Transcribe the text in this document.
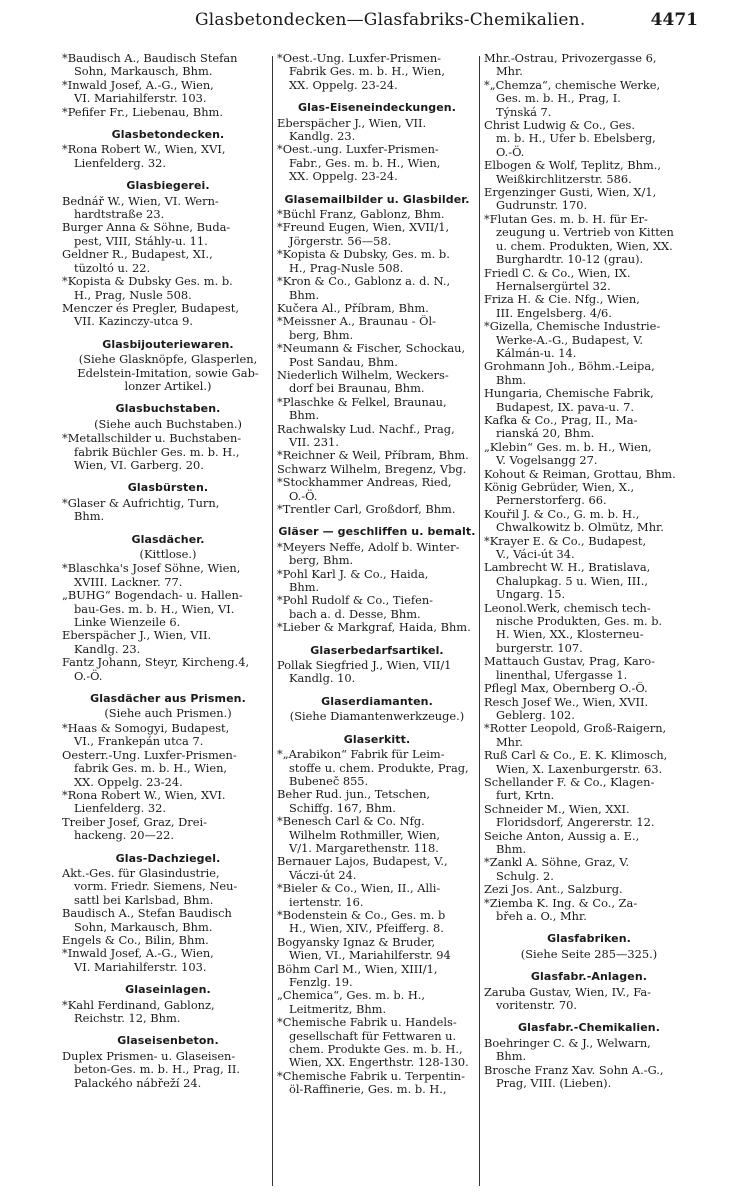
Glasbetondecken—Glasfabriks-Chemikalien.	4471
*Baudisch A., Baudisch Stefan
Sohn, Markausch, Bhm.
*Inwald Josef, A.-G., Wien,
VI. Mariahilferstr. 103.
*Pefifer Fr., Liebenau, Bhm.
Glasbetondecken.
*Rona Robert W., Wien, XVI,
Lienfelderg. 32.
Glasbiegerei.
Bednář W., Wien, VI. Wern-
hardtstraße 23.
Burger Anna & Söhne, Buda-
pest, VIII, Stáhly-u. 11.
Geldner R., Budapest, XI.,
tüzoltó u. 22.
*Kopista & Dubsky Ges. m. b.
H., Prag, Nusle 508.
Menczer és Pregler, Budapest,
VII. Kazinczy-utca 9.
Glasbijouteriewaren.
(Siehe Glasknöpfe, Glasperlen,
Edelstein-Imitation, sowie Gab-
lonzer Artikel.)
Glasbuchstaben.
(Siehe auch Buchstaben.)
*Metallschilder u. Buchstaben-
fabrik Büchler Ges. m. b. H.,
Wien, VI. Garberg. 20.
Glasbürsten.
*Glaser & Aufrichtig, Turn,
Bhm.
Glasdächer.
(Kittlose.)
*Blaschka's Josef Söhne, Wien,
XVIII. Lackner. 77.
„BUHG“ Bogendach- u. Hallen-
bau-Ges. m. b. H., Wien, VI.
Linke Wienzeile 6.
Eberspächer J., Wien, VII.
Kandlg. 23.
Fantz Johann, Steyr, Kircheng.4,
O.-Ö.
Glasdächer aus Prismen.
(Siehe auch Prismen.)
*Haas & Somogyi, Budapest,
VI., Frankepán utca 7.
Oesterr.-Ung. Luxfer-Prismen-
fabrik Ges. m. b. H., Wien,
XX. Oppelg. 23-24.
*Rona Robert W., Wien, XVI.
Lienfelderg. 32.
Treiber Josef, Graz, Drei-
hackeng. 20—22.
Glas-Dachziegel.
Akt.-Ges. für Glasindustrie,
vorm. Friedr. Siemens, Neu-
sattl bei Karlsbad, Bhm.
Baudisch A., Stefan Baudisch
Sohn, Markausch, Bhm.
Engels & Co., Bilin, Bhm.
*Inwald Josef, A.-G., Wien,
VI. Mariahilferstr. 103.
Glaseinlagen.
*Kahl Ferdinand, Gablonz,
Reichstr. 12, Bhm.
Glaseisenbeton.
Duplex Prismen- u. Glaseisen-
beton-Ges. m. b. H., Prag, II.
Palackého nábřeží 24.
*Oest.-Ung. Luxfer-Prismen-
Fabrik Ges. m. b. H., Wien,
XX. Oppelg. 23-24.
Glas-Eiseneindeckungen.
Eberspächer J., Wien, VII.
Kandlg. 23.
*Oest.-ung. Luxfer-Prismen-
Fabr., Ges. m. b. H., Wien,
XX. Oppelg. 23-24.
Glasemailbilder u. Glasbilder.
*Büchl Franz, Gablonz, Bhm.
*Freund Eugen, Wien, XVII/1,
Jörgerstr. 56—58.
*Kopista & Dubsky, Ges. m. b.
H., Prag-Nusle 508.
*Kron & Co., Gablonz a. d. N.,
Bhm.
Kučera Al., Příbram, Bhm.
*Meissner A., Braunau - Öl-
berg, Bhm.
*Neumann & Fischer, Schockau,
Post Sandau, Bhm.
Niederlich Wilhelm, Weckers-
dorf bei Braunau, Bhm.
*Plaschke & Felkel, Braunau,
Bhm.
Rachwalsky Lud. Nachf., Prag,
VII. 231.
*Reichner & Weil, Příbram, Bhm.
Schwarz Wilhelm, Bregenz, Vbg.
*Stockhammer Andreas, Ried,
O.-Ö.
*Trentler Carl, Großdorf, Bhm.
Gläser — geschliffen u. bemalt.
*Meyers Neffe, Adolf b. Winter-
berg, Bhm.
*Pohl Karl J. & Co., Haida,
Bhm.
*Pohl Rudolf & Co., Tiefen-
bach a. d. Desse, Bhm.
*Lieber & Markgraf, Haida, Bhm.
Glaserbedarfsartikel.
Pollak Siegfried J., Wien, VII/1
Kandlg. 10.
Glaserdiamanten.
(Siehe Diamantenwerkzeuge.)
Glaserkitt.
*„Arabikon“ Fabrik für Leim-
stoffe u. chem. Produkte, Prag,
Bubeneč 855.
Beher Rud. jun., Tetschen,
Schiffg. 167, Bhm.
*Benesch Carl & Co. Nfg.
Wilhelm Rothmiller, Wien,
V/1. Margarethenstr. 118.
Bernauer Lajos, Budapest, V.,
Váczi-út 24.
*Bieler & Co., Wien, II., Alli-
iertenstr. 16.
*Bodenstein & Co., Ges. m. b
H., Wien, XIV., Pfeifferg. 8.
Bogyansky Ignaz & Bruder,
Wien, VI., Mariahilferstr. 94
Böhm Carl M., Wien, XIII/1,
Fenzlg. 19.
„Chemica“, Ges. m. b. H.,
Leitmeritz, Bhm.
*Chemische Fabrik u. Handels-
gesellschaft für Fettwaren u.
chem. Produkte Ges. m. b. H.,
Wien, XX. Engerthstr. 128-130.
*Chemische Fabrik u. Terpentin-
öl-Raffinerie, Ges. m. b. H.,
Mhr.-Ostrau, Privozergasse 6,
Mhr.
*„Chemza“, chemische Werke,
Ges. m. b. H., Prag, I.
Týnská 7.
Christ Ludwig & Co., Ges.
m. b. H., Ufer b. Ebelsberg,
O.-Ö.
Elbogen & Wolf, Teplitz, Bhm.,
Weißkirchlitzerstr. 586.
Ergenzinger Gusti, Wien, X/1,
Gudrunstr. 170.
*Flutan Ges. m. b. H. für Er-
zeugung u. Vertrieb von Kitten
u. chem. Produkten, Wien, XX.
Burghardtr. 10-12 (grau).
Friedl C. & Co., Wien, IX.
Hernalsergürtel 32.
Friza H. & Cie. Nfg., Wien,
III. Engelsberg. 4/6.
*Gizella, Chemische Industrie-
Werke-A.-G., Budapest, V.
Kálmán-u. 14.
Grohmann Joh., Böhm.-Leipa,
Bhm.
Hungaria, Chemische Fabrik,
Budapest, IX. pava-u. 7.
Kafka & Co., Prag, II., Ma-
rianská 20, Bhm.
„Klebin“ Ges. m. b. H., Wien,
V. Vogelsangg 27.
Kohout & Reiman, Grottau, Bhm.
König Gebrüder, Wien, X.,
Pernerstorferg. 66.
Kouřil J. & Co., G. m. b. H.,
Chwalkowitz b. Olmütz, Mhr.
*Krayer E. & Co., Budapest,
V., Váci-út 34.
Lambrecht W. H., Bratislava,
Chalupkag. 5 u. Wien, III.,
Ungarg. 15.
Leonol.Werk, chemisch tech-
nische Produkten, Ges. m. b.
H. Wien, XX., Klosterneu-
burgerstr. 107.
Mattauch Gustav, Prag, Karo-
linenthal, Ufergasse 1.
Pflegl Max, Obernberg O.-Ö.
Resch Josef We., Wien, XVII.
Geblerg. 102.
*Rotter Leopold, Groß-Raigern,
Mhr.
Ruß Carl & Co., E. K. Klimosch,
Wien, X. Laxenburgerstr. 63.
Schellander F. & Co., Klagen-
furt, Krtn.
Schneider M., Wien, XXI.
Floridsdorf, Angererstr. 12.
Seiche Anton, Aussig a. E.,
Bhm.
*Zankl A. Söhne, Graz, V.
Schulg. 2.
Zezi Jos. Ant., Salzburg.
*Ziemba K. Ing. & Co., Za-
břeh a. O., Mhr.
Glasfabriken.
(Siehe Seite 285—325.)
Glasfabr.-Anlagen.
Zaruba Gustav, Wien, IV., Fa-
voritenstr. 70.
Glasfabr.-Chemikalien.
Boehringer C. & J., Welwarn,
Bhm.
Brosche Franz Xav. Sohn A.-G.,
Prag, VIII. (Lieben).
